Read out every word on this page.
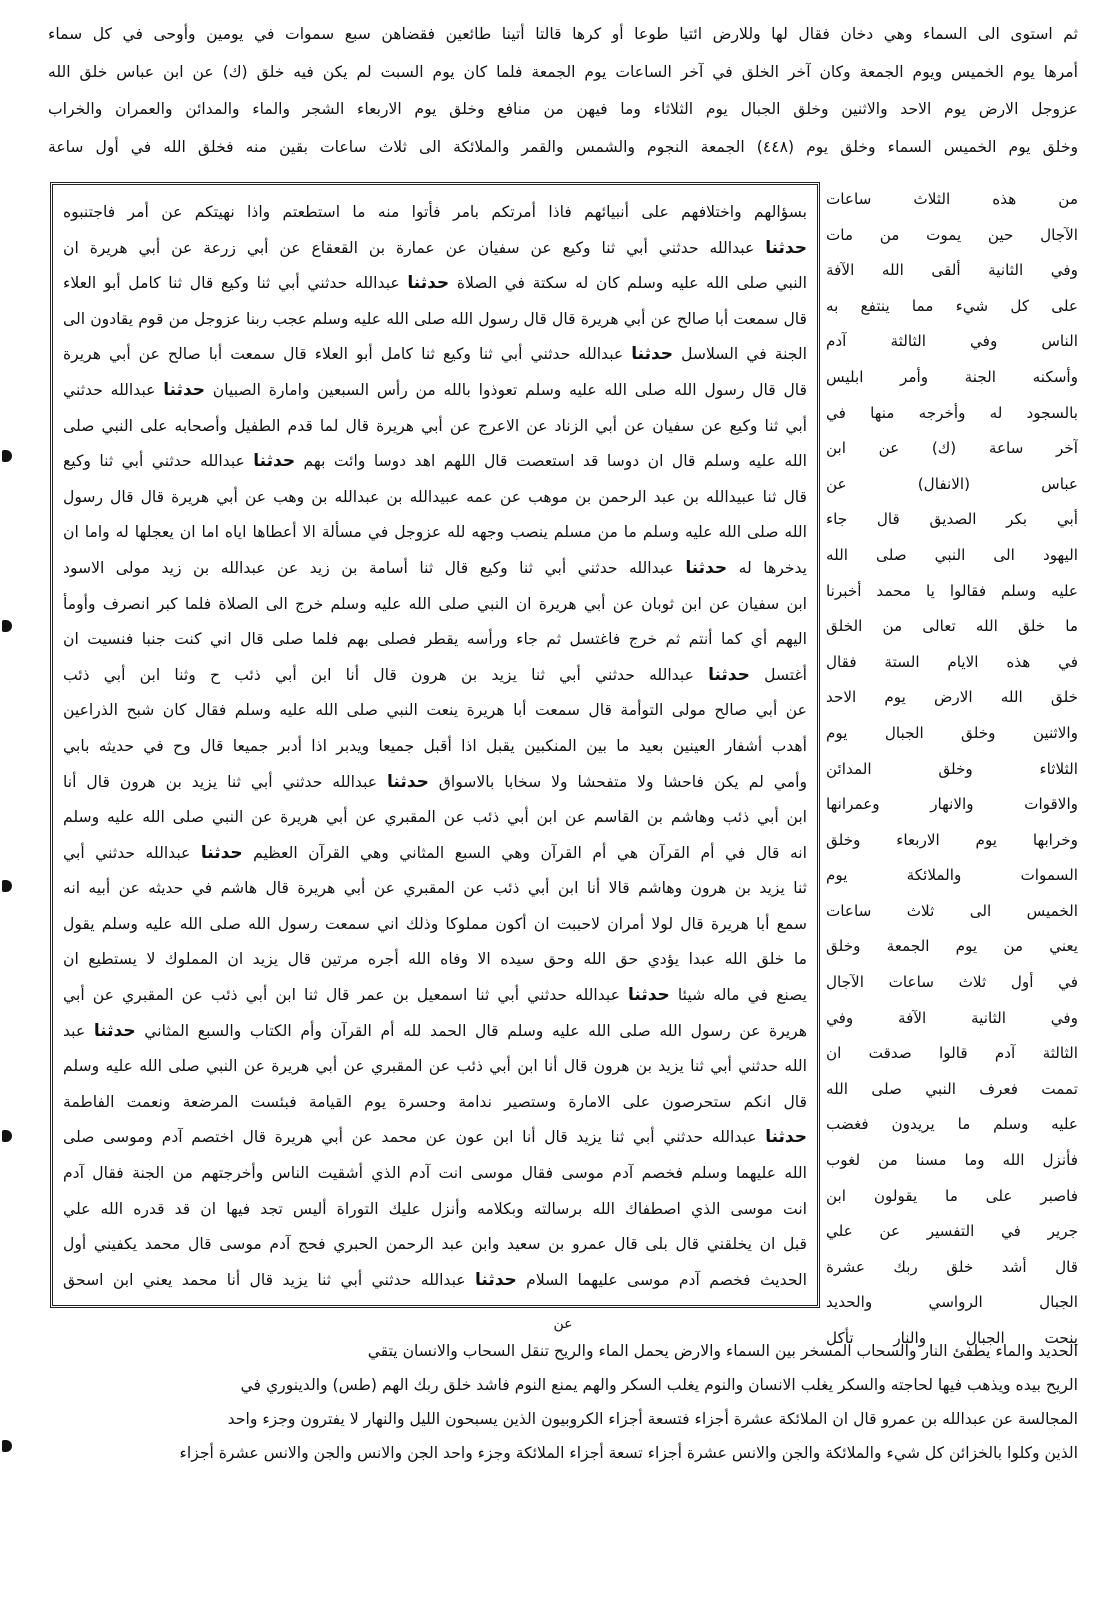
ثم استوى الى السماء وهي دخان فقال لها وللارض ائتيا طوعا أو كرها قالتا أتينا طائعين فقضاهن سبع سموات في يومين وأوحى في كل سماء
أمرها يوم الخميس ويوم الجمعة وكان آخر الخلق في آخر الساعات يوم الجمعة فلما كان يوم السبت لم يكن فيه خلق (ك) عن ابن عباس خلق الله
عزوجل الارض يوم الاحد والاثنين وخلق الجبال يوم الثلاثاء وما فيهن من منافع وخلق يوم الاربعاء الشجر والماء والمدائن والعمران والخراب
وخلق يوم الخميس السماء وخلق يوم (٤٤٨) الجمعة النجوم والشمس والقمر والملائكة الى ثلاث ساعات بقين منه فخلق الله في أول ساعة
بسؤالهم واختلافهم على أنبيائهم فاذا أمرتكم بامر فأتوا منه ما استطعتم واذا نهيتكم عن أمر فاجتنبوه
حدثنا عبدالله حدثني أبي ثنا وكيع عن سفيان عن عمارة بن القعقاع عن أبي زرعة عن أبي هريرة ان
النبي صلى الله عليه وسلم كان له سكتة في الصلاة حدثنا عبدالله حدثني أبي ثنا وكيع قال ثنا كامل أبو العلاء
قال سمعت أبا صالح عن أبي هريرة قال قال رسول الله صلى الله عليه وسلم عجب ربنا عزوجل من قوم يقادون الى
الجنة في السلاسل حدثنا عبدالله حدثني أبي ثنا وكيع ثنا كامل أبو العلاء قال سمعت أبا صالح عن أبي هريرة
قال قال رسول الله صلى الله عليه وسلم تعوذوا بالله من رأس السبعين وامارة الصبيان حدثنا عبدالله حدثني
أبي ثنا وكيع عن سفيان عن أبي الزناد عن الاعرج عن أبي هريرة قال لما قدم الطفيل وأصحابه على النبي صلى
الله عليه وسلم قال ان دوسا قد استعصت قال اللهم اهد دوسا وائت بهم حدثنا عبدالله حدثني أبي ثنا وكيع
قال ثنا عبيدالله بن عبد الرحمن بن موهب عن عمه عبيدالله بن عبدالله بن وهب عن أبي هريرة قال قال رسول
الله صلى الله عليه وسلم ما من مسلم ينصب وجهه لله عزوجل في مسألة الا أعطاها اياه اما ان يعجلها له واما ان
يدخرها له حدثنا عبدالله حدثني أبي ثنا وكيع قال ثنا أسامة بن زيد عن عبدالله بن زيد مولى الاسود
ابن سفيان عن ابن ثوبان عن أبي هريرة ان النبي صلى الله عليه وسلم خرج الى الصلاة فلما كبر انصرف وأومأ
اليهم أي كما أنتم ثم خرج فاغتسل ثم جاء ورأسه يقطر فصلى بهم فلما صلى قال اني كنت جنبا فنسيت ان
أغتسل حدثنا عبدالله حدثني أبي ثنا يزيد بن هرون قال أنا ابن أبي ذئب ح وثنا ابن أبي ذئب
عن أبي صالح مولى التوأمة قال سمعت أبا هريرة ينعت النبي صلى الله عليه وسلم فقال كان شبح الذراعين
أهدب أشفار العينين بعيد ما بين المنكبين يقبل اذا أقبل جميعا ويدبر اذا أدبر جميعا قال وح في حديثه بابي
وأمي لم يكن فاحشا ولا متفحشا ولا سخابا بالاسواق حدثنا عبدالله حدثني أبي ثنا يزيد بن هرون قال أنا
ابن أبي ذئب وهاشم بن القاسم عن ابن أبي ذئب عن المقبري عن أبي هريرة عن النبي صلى الله عليه وسلم
انه قال في أم القرآن هي أم القرآن وهي السبع المثاني وهي القرآن العظيم حدثنا عبدالله حدثني أبي
ثنا يزيد بن هرون وهاشم قالا أنا ابن أبي ذئب عن المقبري عن أبي هريرة قال هاشم في حديثه عن أبيه انه
سمع أبا هريرة قال لولا أمران لاحببت ان أكون مملوكا وذلك اني سمعت رسول الله صلى الله عليه وسلم يقول
ما خلق الله عبدا يؤدي حق الله وحق سيده الا وفاه الله أجره مرتين قال يزيد ان المملوك لا يستطيع ان
يصنع في ماله شيئا حدثنا عبدالله حدثني أبي ثنا اسمعيل بن عمر قال ثنا ابن أبي ذئب عن المقبري عن أبي
هريرة عن رسول الله صلى الله عليه وسلم قال الحمد لله أم القرآن وأم الكتاب والسبع المثاني حدثنا عبد
الله حدثني أبي ثنا يزيد بن هرون قال أنا ابن أبي ذئب عن المقبري عن أبي هريرة عن النبي صلى الله عليه وسلم
قال انكم ستحرصون على الامارة وستصير ندامة وحسرة يوم القيامة فبئست المرضعة ونعمت الفاطمة
حدثنا عبدالله حدثني أبي ثنا يزيد قال أنا ابن عون عن محمد عن أبي هريرة قال اختصم آدم وموسى صلى
الله عليهما وسلم فخصم آدم موسى فقال موسى انت آدم الذي أشقيت الناس وأخرجتهم من الجنة فقال آدم
انت موسى الذي اصطفاك الله برسالته وبكلامه وأنزل عليك التوراة أليس تجد فيها ان قد قدره الله علي
قبل ان يخلقني قال بلى قال عمرو بن سعيد وابن عبد الرحمن الحبري فحج آدم موسى قال محمد يكفيني أول
الحديث فخصم آدم موسى عليهما السلام حدثنا عبدالله حدثني أبي ثنا يزيد قال أنا محمد يعني ابن اسحق
من هذه الثلاث ساعات
الآجال حين يموت من مات
وفي الثانية ألقى الله الآفة
على كل شيء مما ينتفع به
الناس وفي الثالثة آدم
وأسكنه الجنة وأمر ابليس
بالسجود له وأخرجه منها في
آخر ساعة (ك) عن ابن
عباس (الانفال) عن
أبي بكر الصديق قال جاء
اليهود الى النبي صلى الله
عليه وسلم فقالوا يا محمد أخبرنا
ما خلق الله تعالى من الخلق
في هذه الايام الستة فقال
خلق الله الارض يوم الاحد
والاثنين وخلق الجبال يوم
الثلاثاء وخلق المدائن
والاقوات والانهار وعمرانها
وخرابها يوم الاربعاء وخلق
السموات والملائكة يوم
الخميس الى ثلاث ساعات
يعني من يوم الجمعة وخلق
في أول ثلاث ساعات الآجال
وفي الثانية الآفة وفي
الثالثة آدم قالوا صدقت ان
تممت فعرف النبي صلى الله
عليه وسلم ما يريدون فغضب
فأنزل الله وما مسنا من لغوب
فاصبر على ما يقولون ابن
جرير في التفسير عن علي
قال أشد خلق ربك عشرة
الجبال الرواسي والحديد
ينحت الجبال والنار تأكل
عن
الحديد والماء يطفئ النار والسحاب المسخر بين السماء والارض يحمل الماء والريح تنقل السحاب والانسان يتقي
الريح بيده ويذهب فيها لحاجته والسكر يغلب الانسان والنوم يغلب السكر والهم يمنع النوم فاشد خلق ربك الهم (طس) والدينوري في
المجالسة عن عبدالله بن عمرو قال ان الملائكة عشرة أجزاء فتسعة أجزاء الكروبيون الذين يسبحون الليل والنهار لا يفترون وجزء واحد
الذين وكلوا بالخزائن كل شيء والملائكة والجن والانس عشرة أجزاء تسعة أجزاء الملائكة وجزء واحد الجن والانس والجن والانس عشرة أجزاء
